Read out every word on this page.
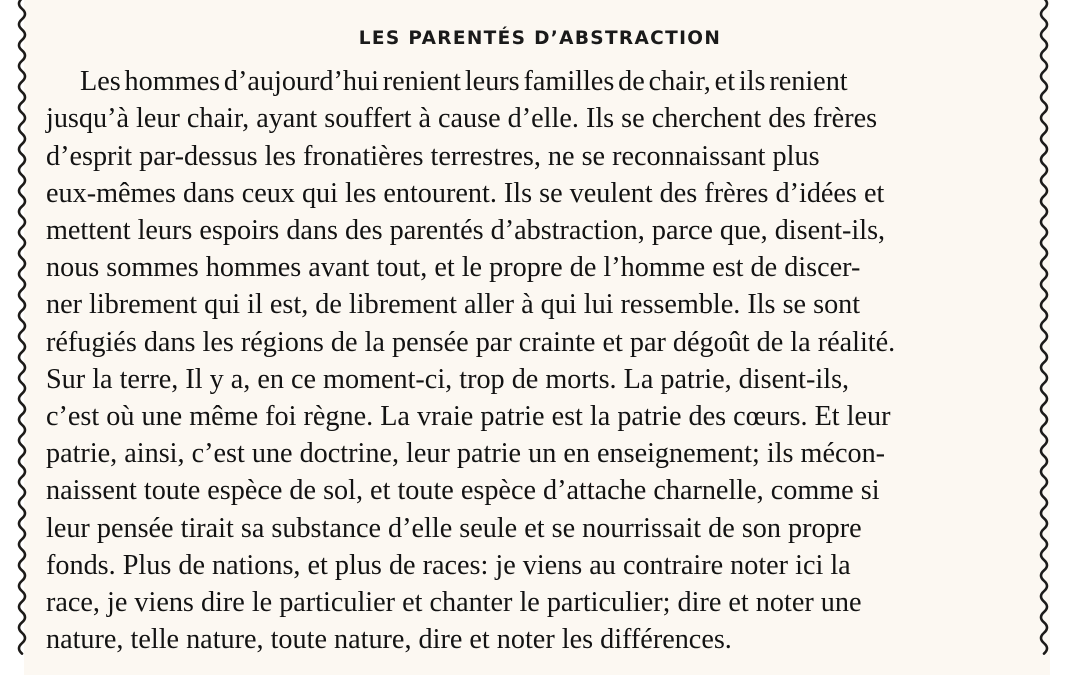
LES PARENTÉS D’ABSTRACTION
Les hommes d’aujourd’hui renient leurs familles de chair, et ils renient
jusqu’à leur chair, ayant souffert à cause d’elle. Ils se cherchent des frères
d’esprit par-dessus les fronatières terrestres, ne se reconnaissant plus
eux-mêmes dans ceux qui les entourent. Ils se veulent des frères d’idées et
mettent leurs espoirs dans des parentés d’abstraction, parce que, disent-ils,
nous sommes hommes avant tout, et le propre de l’homme est de discer-
ner librement qui il est, de librement aller à qui lui ressemble. Ils se sont
réfugiés dans les régions de la pensée par crainte et par dégoût de la réalité.
Sur la terre, Il y a, en ce moment-ci, trop de morts. La patrie, disent-ils,
c’est où une même foi règne. La vraie patrie est la patrie des cœurs. Et leur
patrie, ainsi, c’est une doctrine, leur patrie un en enseignement; ils mécon-
naissent toute espèce de sol, et toute espèce d’attache charnelle, comme si
leur pensée tirait sa substance d’elle seule et se nourrissait de son propre
fonds. Plus de nations, et plus de races: je viens au contraire noter ici la
race, je viens dire le particulier et chanter le particulier; dire et noter une
nature, telle nature, toute nature, dire et noter les différences.
